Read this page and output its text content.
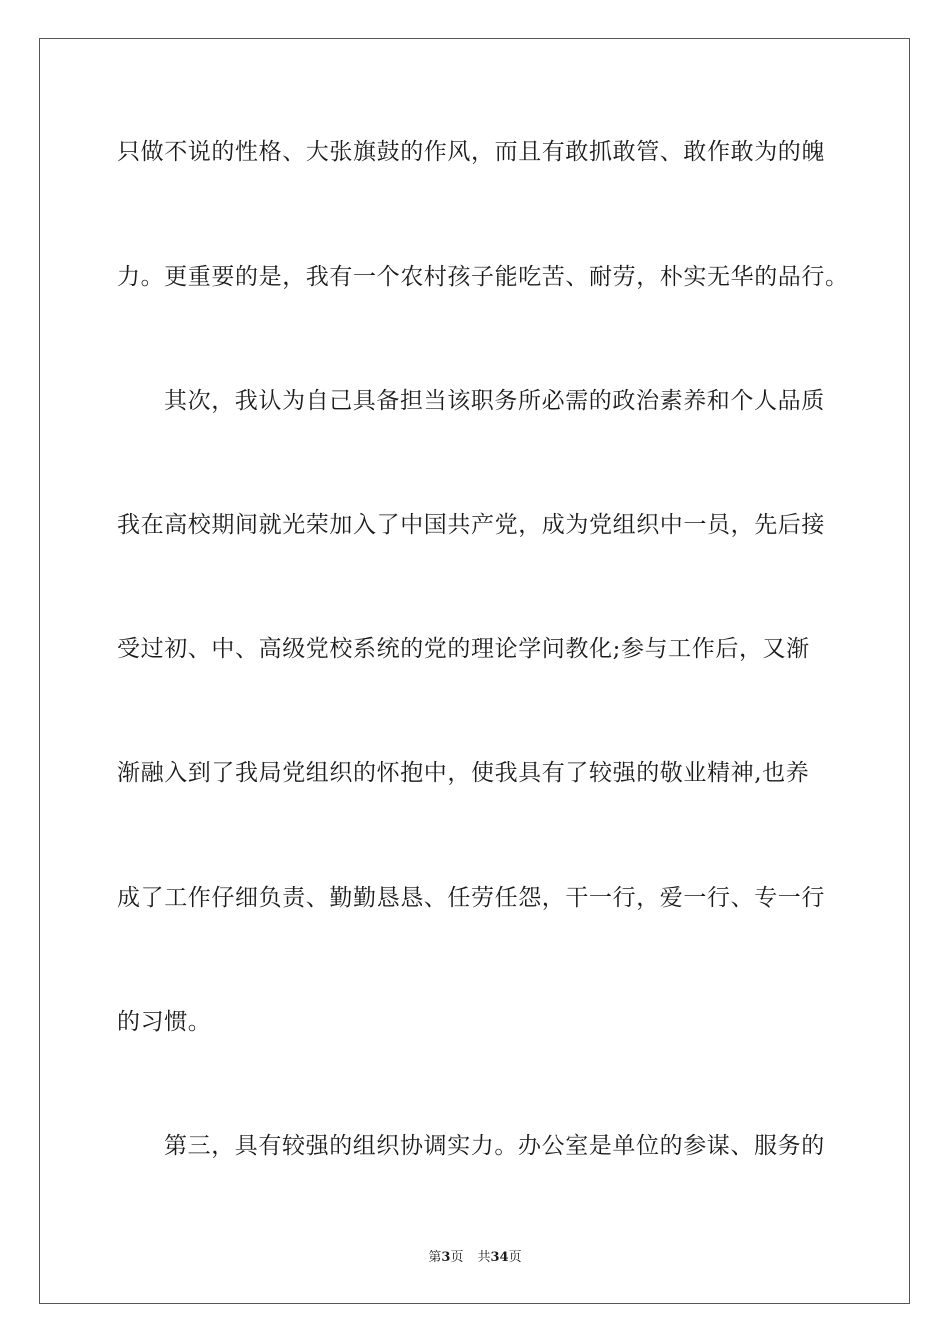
只做不说的性格、大张旗鼓的作风，而且有敢抓敢管、敢作敢为的魄
力。更重要的是，我有一个农村孩子能吃苦、耐劳，朴实无华的品行。
其次，我认为自己具备担当该职务所必需的政治素养和个人品质
我在高校期间就光荣加入了中国共产党，成为党组织中一员，先后接
受过初、中、高级党校系统的党的理论学问教化;参与工作后，又渐
渐融入到了我局党组织的怀抱中，使我具有了较强的敬业精神,也养
成了工作仔细负责、勤勤恳恳、任劳任怨，干一行，爱一行、专一行
的习惯。
第三，具有较强的组织协调实力。办公室是单位的参谋、服务的
第3页 共34页
